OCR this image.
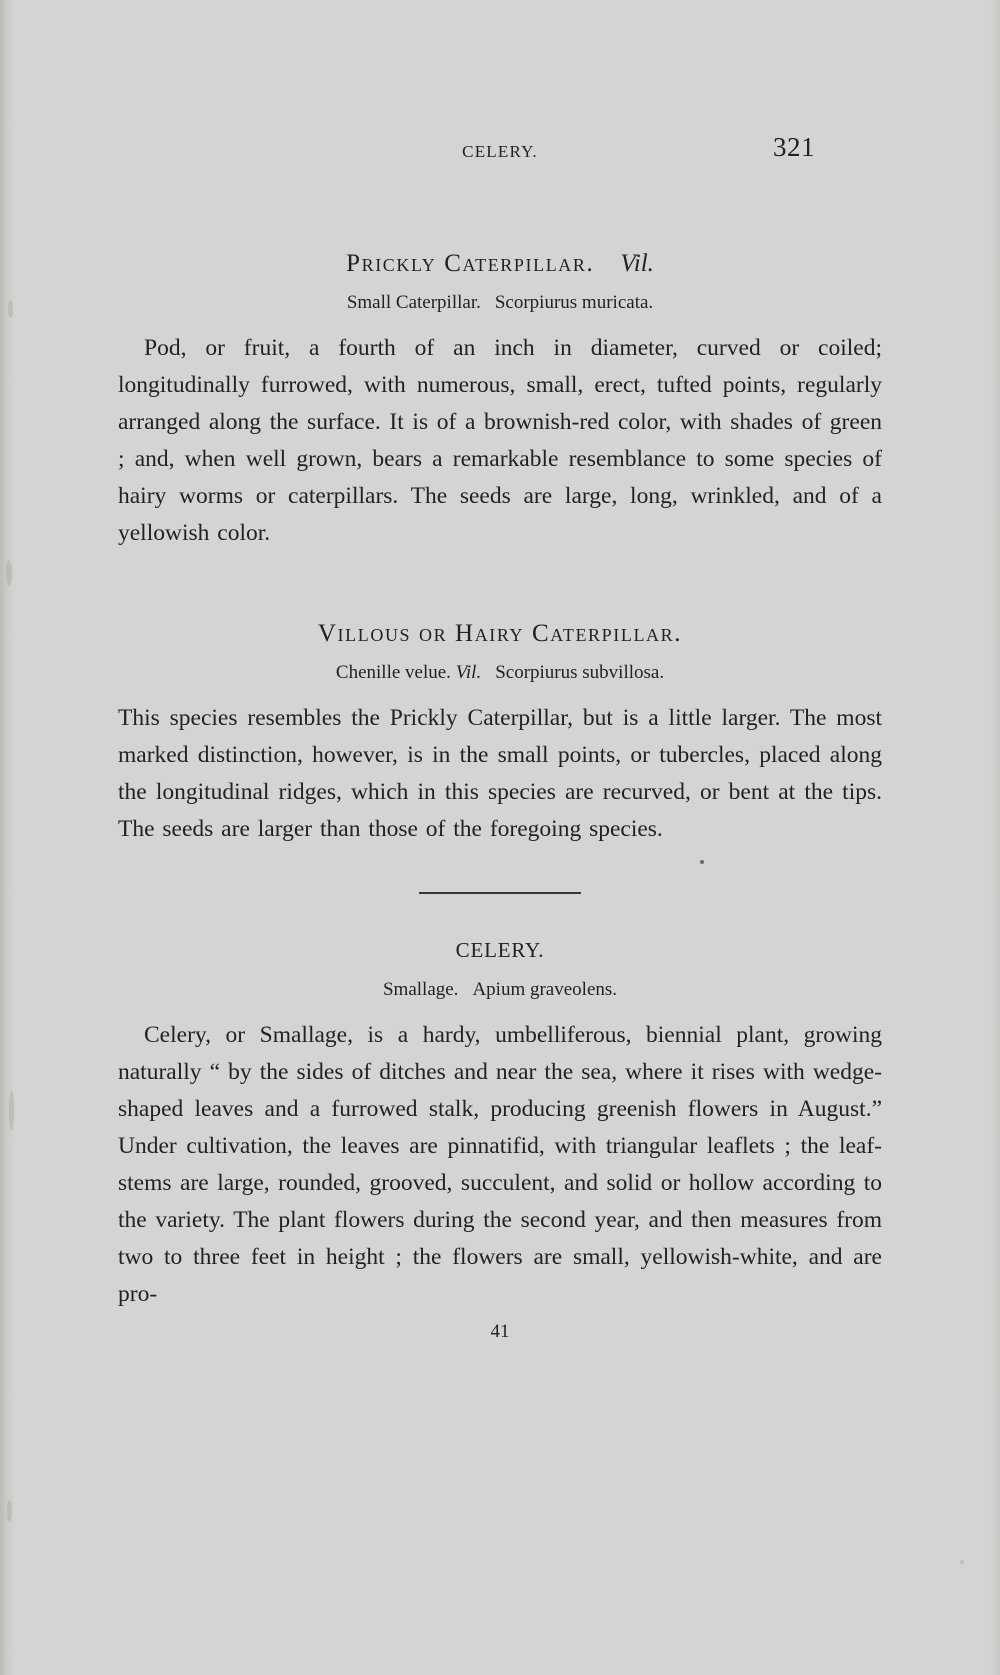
CELERY.	321
Prickly Caterpillar. Vil.
Small Caterpillar. Scorpiurus muricata.

Pod, or fruit, a fourth of an inch in diameter, curved or coiled; longitudinally furrowed, with numerous, small, erect, tufted points, regularly arranged along the surface. It is of a brownish-red color, with shades of green ; and, when well grown, bears a remarkable resemblance to some species of hairy worms or caterpillars. The seeds are large, long, wrinkled, and of a yellowish color.

Villous or Hairy Caterpillar.
Chenille velue. Vil. Scorpiurus subvillosa.

This species resembles the Prickly Caterpillar, but is a little larger. The most marked distinction, however, is in the small points, or tubercles, placed along the longitudinal ridges, which in this species are recurved, or bent at the tips. The seeds are larger than those of the foregoing species.

CELERY.
Smallage. Apium graveolens.

Celery, or Smallage, is a hardy, umbelliferous, biennial plant, growing naturally “ by the sides of ditches and near the sea, where it rises with wedge-shaped leaves and a furrowed stalk, producing greenish flowers in August.” Under cultivation, the leaves are pinnatifid, with triangular leaflets ; the leaf-stems are large, rounded, grooved, succulent, and solid or hollow according to the variety. The plant flowers during the second year, and then measures from two to three feet in height ; the flowers are small, yellowish-white, and are pro-

41
